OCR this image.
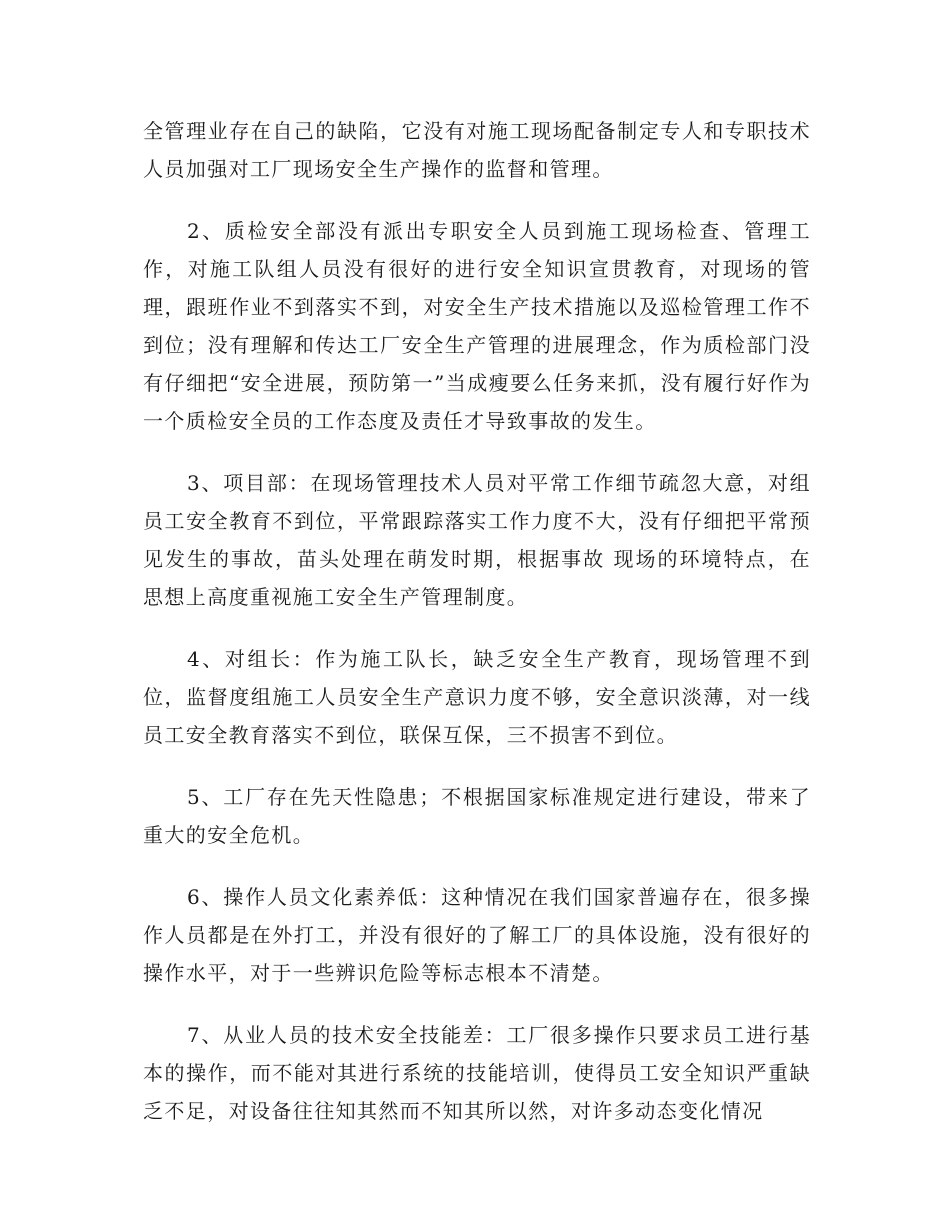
全管理业存在自己的缺陷，它没有对施工现场配备制定专人和专职技术人员加强对工厂现场安全生产操作的监督和管理。

2、质检安全部没有派出专职安全人员到施工现场检查、管理工作，对施工队组人员没有很好的进行安全知识宣贯教育，对现场的管理，跟班作业不到落实不到，对安全生产技术措施以及巡检管理工作不到位；没有理解和传达工厂安全生产管理的进展理念，作为质检部门没有仔细把“安全进展，预防第一”当成瘦要么任务来抓，没有履行好作为一个质检安全员的工作态度及责任才导致事故的发生。

3、项目部：在现场管理技术人员对平常工作细节疏忽大意，对组员工安全教育不到位，平常跟踪落实工作力度不大，没有仔细把平常预见发生的事故，苗头处理在萌发时期，根据事故 现场的环境特点，在思想上高度重视施工安全生产管理制度。

4、对组长：作为施工队长，缺乏安全生产教育，现场管理不到位，监督度组施工人员安全生产意识力度不够，安全意识淡薄，对一线员工安全教育落实不到位，联保互保，三不损害不到位。

5、工厂存在先天性隐患；不根据国家标准规定进行建设，带来了重大的安全危机。

6、操作人员文化素养低：这种情况在我们国家普遍存在，很多操作人员都是在外打工，并没有很好的了解工厂的具体设施，没有很好的操作水平，对于一些辨识危险等标志根本不清楚。

7、从业人员的技术安全技能差：工厂很多操作只要求员工进行基本的操作，而不能对其进行系统的技能培训，使得员工安全知识严重缺乏不足，对设备往往知其然而不知其所以然，对许多动态变化情况
